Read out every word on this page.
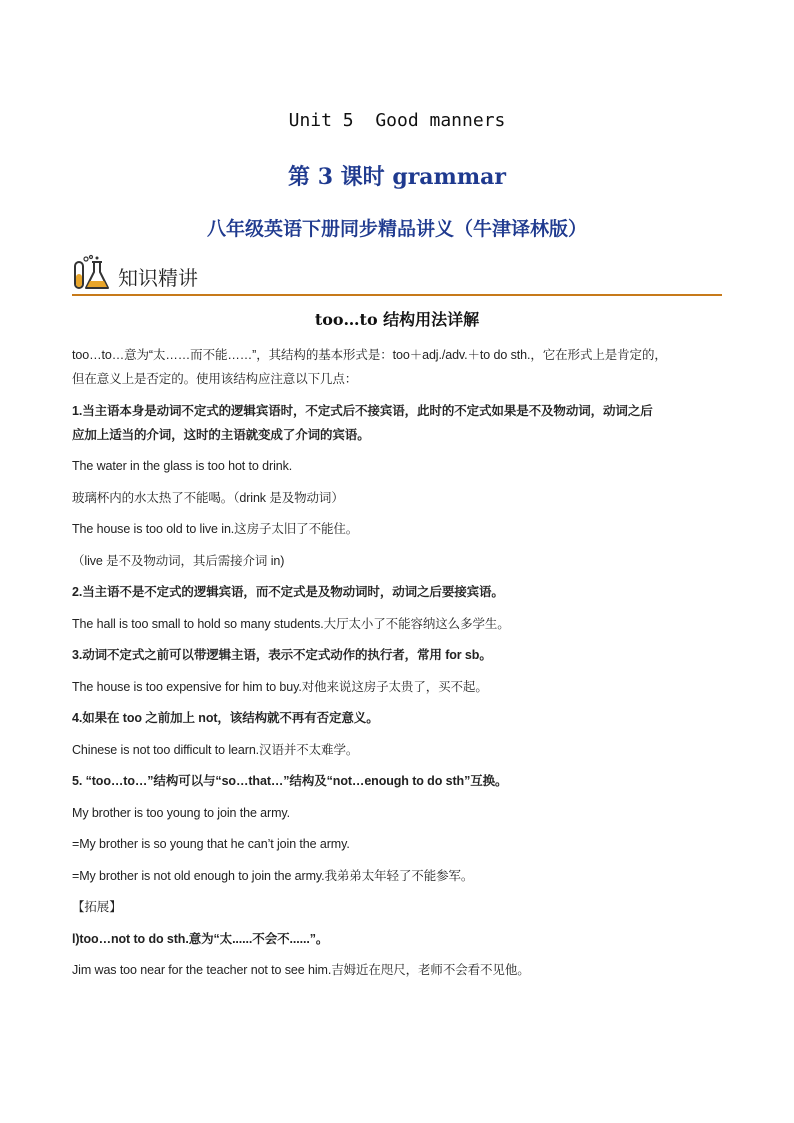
Unit 5  Good manners
第 3 课时 grammar
八年级英语下册同步精品讲义（牛津译林版）
知识精讲
too…to 结构用法详解

too…to…意为“太……而不能……”，其结构的基本形式是：too＋adj./adv.＋to do sth.，它在形式上是肯定的，

但在意义上是否定的。使用该结构应注意以下几点：

1.当主语本身是动词不定式的逻辑宾语时，不定式后不接宾语，此时的不定式如果是不及物动词，动词之后

应加上适当的介词，这时的主语就变成了介词的宾语。

The water in the glass is too hot to drink.

玻璃杯内的水太热了不能喝。（drink 是及物动词）

The house is too old to live in.这房子太旧了不能住。

（live 是不及物动词，其后需接介词 in)

2.当主语不是不定式的逻辑宾语，而不定式是及物动词时，动词之后要接宾语。

The hall is too small to hold so many students.大厅太小了不能容纳这么多学生。

3.动词不定式之前可以带逻辑主语，表示不定式动作的执行者，常用 for sb。

The house is too expensive for him to buy.对他来说这房子太贵了，买不起。

4.如果在 too 之前加上 not，该结构就不再有否定意义。

Chinese is not too difficult to learn.汉语并不太难学。

5. “too…to…”结构可以与“so…that…”结构及“not…enough to do sth”互换。

My brother is too young to join the army.

=My brother is so young that he can’t join the army.

=My brother is not old enough to join the army.我弟弟太年轻了不能参军。

【拓展】

l)too…not to do sth.意为“太......不会不......”。

Jim was too near for the teacher not to see him.吉姆近在咫尺，老师不会看不见他。
